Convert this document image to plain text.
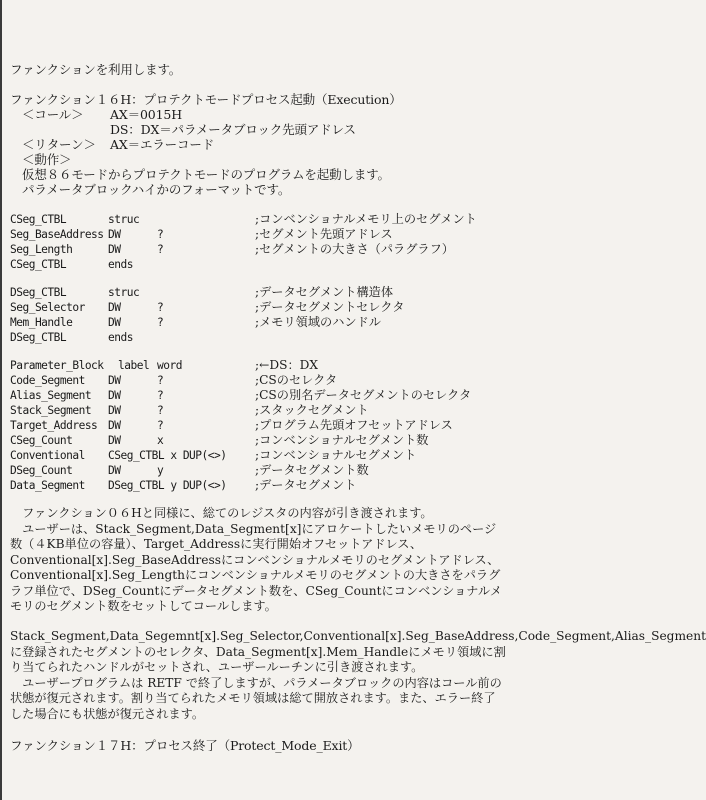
ファンクションを利用します。
ファンクション１６H：プロテクトモードプロセス起動（Execution）
＜コール＞ AX＝0015H
DS：DX＝パラメータブロック先頭アドレス
＜リターン＞ AX＝エラーコード
＜動作＞
仮想８６モードからプロテクトモードのプログラムを起動します。
パラメータブロックハイかのフォーマットです。
CSeg_CTBL	struc	;コンベンショナルメモリ上のセグメント
Seg_BaseAddress DW	?	;セグメント先頭アドレス
Seg_Length	DW	?	;セグメントの大きさ（パラグラフ）
CSeg_CTBL	ends
DSeg_CTBL	struc	;データセグメント構造体
Seg_Selector DW	?	;データセグメントセレクタ
Mem_Handle	DW	?	;メモリ領域のハンドル
DSeg_CTBL	ends
Parameter_Block label word	;←DS：DX
Code_Segment DW	?	;CSのセレクタ
Alias_Segment DW	?	;CSの別名データセグメントのセレクタ
Stack_Segment DW	?	;スタックセグメント
Target_Address DW	?	;プログラム先頭オフセットアドレス
CSeg_Count	DW	x	;コンベンショナルセグメント数
Conventional CSeg_CTBL x DUP(<>) ;コンベンショナルセグメント
DSeg_Count	DW	y	;データセグメント数
Data_Segment DSeg_CTBL y DUP(<>) ;データセグメント
　ファンクション０６Hと同様に、総てのレジスタの内容が引き渡されます。
　ユーザーは、Stack_Segment,Data_Segment[x]にアロケートしたいメモリのページ数（４KB単位の容量）、Target_Addressに実行開始オフセットアドレス、Conventional[x].Seg_BaseAddressにコンベンショナルメモリのセグメントアドレス、Conventional[x].Seg_Lengthにコンベンショナルメモリのセグメントの大きさをパラグラフ単位で、DSeg_Countにデータセグメント数を、CSeg_Countにコンベンショナルメモリのセグメント数をセットしてコールします。
　Stack_Segment,Data_Segemnt[x].Seg_Selector,Conventional[x].Seg_BaseAddress,Code_Segment,Alias_Segmentに登録されたセグメントのセレクタ、Data_Segment[x].Mem_Handleにメモリ領域に割り当てられたハンドルがセットされ、ユーザールーチンに引き渡されます。
　ユーザープログラムは RETF で終了しますが、パラメータブロックの内容はコール前の状態が復元されます。割り当てられたメモリ領域は総て開放されます。また、エラー終了した場合にも状態が復元されます。
ファンクション１７H：プロセス終了（Protect_Mode_Exit）
